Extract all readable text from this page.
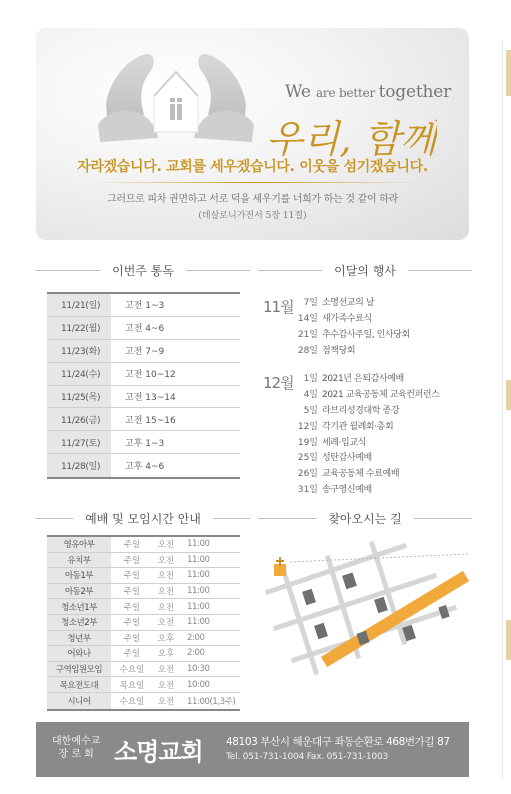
We are better together
우리, 함께
자라겠습니다. 교회를 세우겠습니다. 이웃을 섬기겠습니다.
그러므로 피차 권면하고 서로 덕을 세우기를 너희가 하는 것 같이 하라
(데살로니가전서 5장 11절)
이번주 통독	이달의 행사
예배 및 모임시간 안내	찾아오시는 길
11/21(일)	고전 1~3
11/22(월)	고전 4~6
11/23(화)	고전 7~9
11/24(수)	고전 10~12
11/25(목)	고전 13~14
11/26(금)	고전 15~16
11/27(토)	고후 1~3
11/28(일)	고후 4~6
11월	7일 소명선교의 날
14일 새가족수료식
21일 추수감사주일, 인사당회
28일 점책당회
12월	1일 2021년 은퇴감사예배
4일 2021 교육공동체 교육컨퍼런스
5일 라브리성경대학 종강
12일 각기관 월례회·총회
19일 세례·입교식
25일 성탄감사예배
26일 교육공동체 수료예배
31일 송구영신예배
영유아부	주일	오전	11:00
유치부	주일	오전	11:00
아동1부	주일	오전	11:00
아동2부	주일	오전	11:00
청소년1부	주일	오전	11:00
청소년2부	주일	오전	11:00
청년부	주일	오후	2:00
어와나	주일	오후	2:00
구역임원모임	수요일	오전	10:30
목요전도대	목요일	오전	10:00
시니어	수요일	오전	11:00(1,3주)
대한예수교
장 로 회 소명교회 48103 부산시 해운대구 좌동순환로 468번가길 87
Tel. 051-731-1004 Fax. 051-731-1003
